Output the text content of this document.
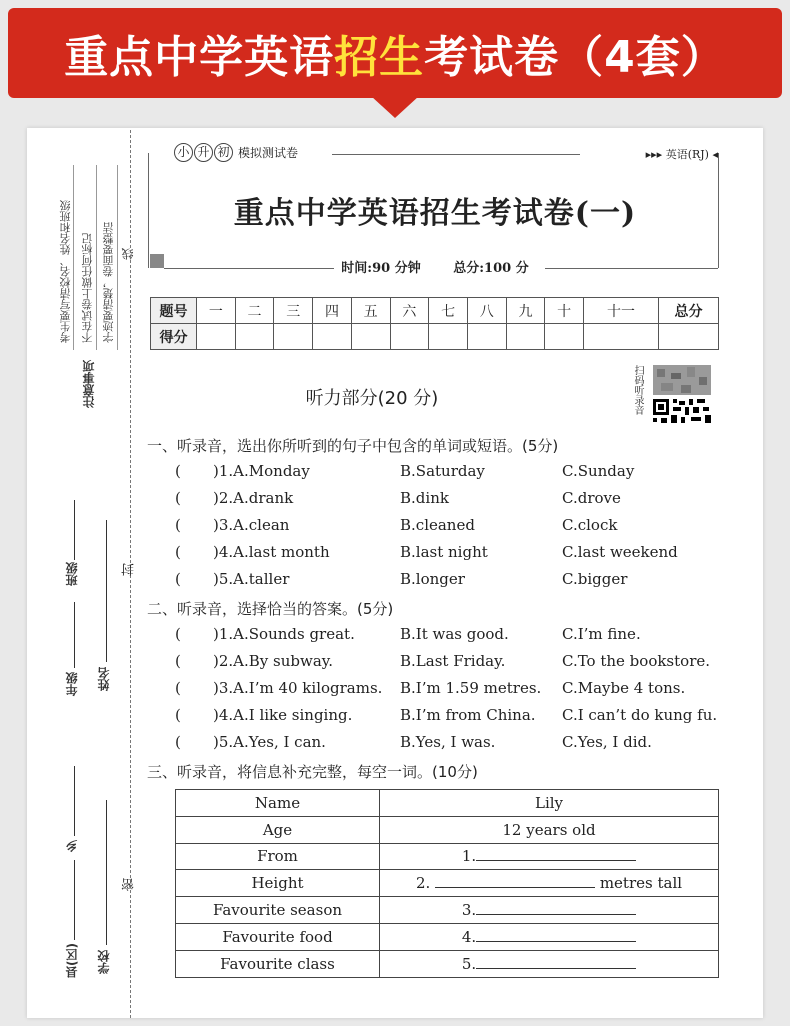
重点中学英语 招生 考试卷（4套）
考生要写清校名、姓名和班级 不在试卷上做任何标记 字迹要清楚，卷面要整洁
注意事项
线
封
密
班级
年级 姓名
乡
县(区) 学校
小 升 初 模拟测试卷	▸▸▸ 英语(RJ) ◂
重点中学英语招生考试卷(一)
时间:90 分钟	总分:100 分
题号	一	二	三	四	五	六	七	八	九	十	十一	总分
得分												
扫码听录音
听力部分(20 分)
一、听录音，选出你所听到的句子中包含的单词或短语。(5分)
( )1.A.Monday	B.Saturday	C.Sunday
( )2.A.drank	B.dink	C.drove
( )3.A.clean	B.cleaned	C.clock
( )4.A.last month	B.last night	C.last weekend
( )5.A.taller	B.longer	C.bigger
二、听录音，选择恰当的答案。(5分)
( )1.A.Sounds great.	B.It was good.	C.I’m fine.
( )2.A.By subway.	B.Last Friday.	C.To the bookstore.
( )3.A.I’m 40 kilograms. B.I’m 1.59 metres. C.Maybe 4 tons.
( )4.A.I like singing.	B.I’m from China. C.I can’t do kung fu.
( )5.A.Yes, I can.	B.Yes, I was.	C.Yes, I did.
三、听录音，将信息补充完整，每空一词。(10分)
Name	Lily
Age	12 years old
From	1.
Height	2. metres tall
Favourite season	3.
Favourite food	4.
Favourite class	5.
